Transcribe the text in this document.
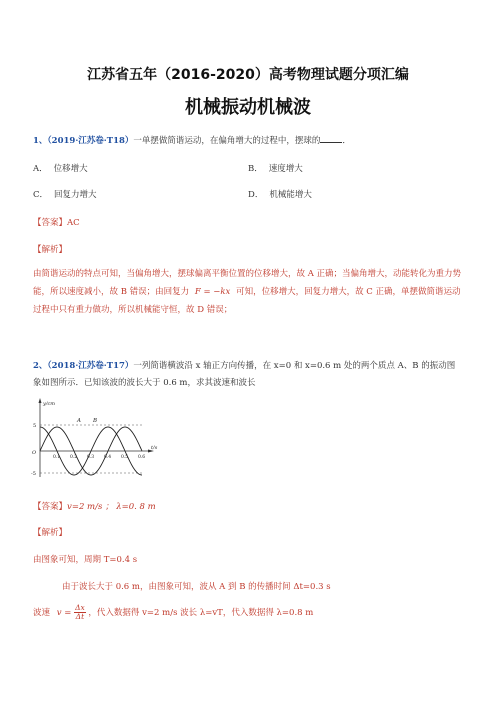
江苏省五年（2016-2020）高考物理试题分项汇编
机械振动机械波
1、（2019·江苏卷·T18）一单摆做简谐运动，在偏角增大的过程中，摆球的	．
A． 位移增大	B． 速度增大
C． 回复力增大	D． 机械能增大
【答案】AC
【解析】
由简谐运动的特点可知，当偏角增大，摆球偏离平衡位置的位移增大，故 A 正确；当偏角增大，动能转化为重力势能，所以速度减小，故 B 错误；由回复力 F = −kx 可知，位移增大，回复力增大，故 C 正确，单摆做简谐运动过程中只有重力做功，所以机械能守恒，故 D 错误；
2、（2018·江苏卷·T17）一列简谐横波沿 x 轴正方向传播，在 x=0 和 x=0.6 m 处的两个质点 A、B 的振动图
象如图所示．已知该波的波长大于 0.6 m，求其波速和波长
y/cm
t/s
5
O
-5
0.1 0.2 0.3 0.4 0.5 0.6
A B
【答案】v=2 m/s ； λ=0. 8 m
【解析】
由图象可知，周期 T=0.4 s
由于波长大于 0.6 m，由图象可知，波从 A 到 B 的传播时间 Δt=0.3 s
波速 $v = \frac{\Delta x}{\Delta t}$ ，代入数据得 v=2 m/s 波长 λ=vT，代入数据得 λ=0.8 m
